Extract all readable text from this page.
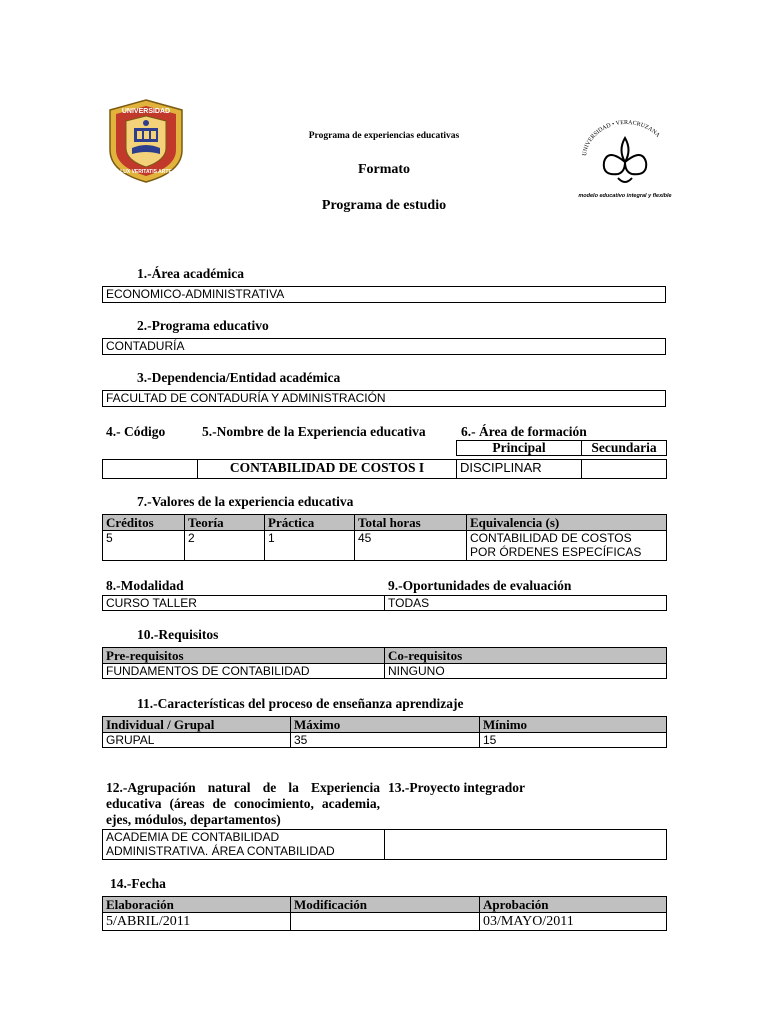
UNIVERSIDAD
LUX VERITATIS ARTE
UNIVERSIDAD • VERACRUZANA
modelo educativo integral y flexible
Programa de experiencias educativas
Formato
Programa de estudio
1.-Área académica
ECONOMICO-ADMINISTRATIVA
2.-Programa educativo
CONTADURÍA
3.-Dependencia/Entidad académica
FACULTAD DE CONTADURÍA Y ADMINISTRACIÓN
4.- Código	5.-Nombre de la Experiencia educativa	6.- Área de formación
Principal	Secundaria
	CONTABILIDAD DE COSTOS I	DISCIPLINAR	
7.-Valores de la experiencia educativa
Créditos	Teoría	Práctica	Total horas	Equivalencia (s)
5	2	1	45	CONTABILIDAD DE COSTOS
POR ÓRDENES ESPECÍFICAS
8.-Modalidad	9.-Oportunidades de evaluación
CURSO TALLER	TODAS
10.-Requisitos
Pre-requisitos	Co-requisitos
FUNDAMENTOS DE CONTABILIDAD	NINGUNO
11.-Características del proceso de enseñanza aprendizaje
Individual / Grupal	Máximo	Mínimo
GRUPAL	35	15
12.-Agrupación natural de la Experiencia
educativa (áreas de conocimiento, academia,
ejes, módulos, departamentos)
13.-Proyecto integrador
ACADEMIA DE CONTABILIDAD
ADMINISTRATIVA. ÁREA CONTABILIDAD

14.-Fecha
Elaboración	Modificación	Aprobación
5/ABRIL/2011		03/MAYO/2011
